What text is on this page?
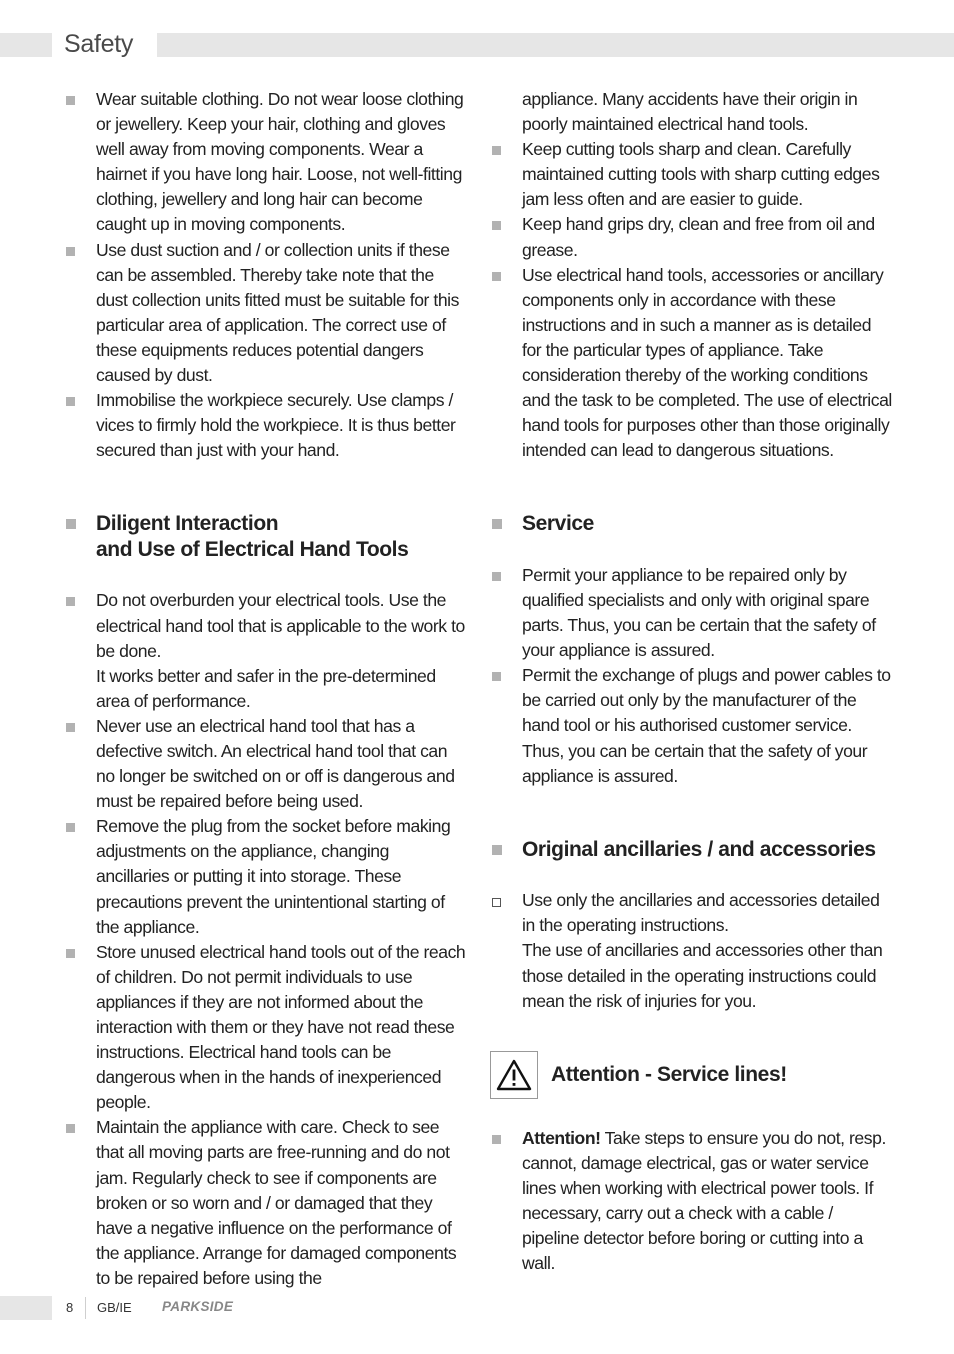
Safety

Wear suitable clothing. Do not wear loose clothing or jewellery. Keep your hair, clothing and gloves well away from moving components. Wear a hairnet if you have long hair. Loose, not well-fitting clothing, jewellery and long hair can become caught up in moving components.

Use dust suction and / or collection units if these can be assembled. Thereby take note that the dust collection units fitted must be suitable for this particular area of application. The correct use of these equipments reduces potential dangers caused by dust.

Immobilise the workpiece securely. Use clamps / vices to firmly hold the workpiece. It is thus better secured than just with your hand.

Diligent Interaction
and Use of Electrical Hand Tools

Do not overburden your electrical tools. Use the electrical hand tool that is applicable to the work to be done.

It works better and safer in the pre-determined area of performance.

Never use an electrical hand tool that has a defective switch. An electrical hand tool that can no longer be switched on or off is dangerous and must be repaired before being used.

Remove the plug from the socket before making adjustments on the appliance, changing ancillaries or putting it into storage. These precautions prevent the unintentional starting of the appliance.

Store unused electrical hand tools out of the reach of children. Do not permit individuals to use appliances if they are not informed about the interaction with them or they have not read these instructions. Electrical hand tools can be dangerous when in the hands of inexperienced people.

Maintain the appliance with care. Check to see that all moving parts are free-running and do not jam. Regularly check to see if components are broken or so worn and / or damaged that they have a negative influence on the performance of the appliance. Arrange for damaged components to be repaired before using the

appliance. Many accidents have their origin in poorly maintained electrical hand tools.

Keep cutting tools sharp and clean. Carefully maintained cutting tools with sharp cutting edges jam less often and are easier to guide.

Keep hand grips dry, clean and free from oil and grease.

Use electrical hand tools, accessories or ancillary components only in accordance with these instructions and in such a manner as is detailed for the particular types of appliance. Take consideration thereby of the working conditions and the task to be completed. The use of electrical hand tools for purposes other than those originally intended can lead to dangerous situations.

Service

Permit your appliance to be repaired only by qualified specialists and only with original spare parts. Thus, you can be certain that the safety of your appliance is assured.

Permit the exchange of plugs and power cables to be carried out only by the manufacturer of the hand tool or his authorised customer service. Thus, you can be certain that the safety of your appliance is assured.

Original ancillaries / and accessories

Use only the ancillaries and accessories detailed in the operating instructions.

The use of ancillaries and accessories other than those detailed in the operating instructions could mean the risk of injuries for you.

Attention - Service lines!

Attention! Take steps to ensure you do not, resp. cannot, damage electrical, gas or water service lines when working with electrical power tools. If necessary, carry out a check with a cable / pipeline detector before boring or cutting into a wall.

8 GB/IE PARKSIDE
